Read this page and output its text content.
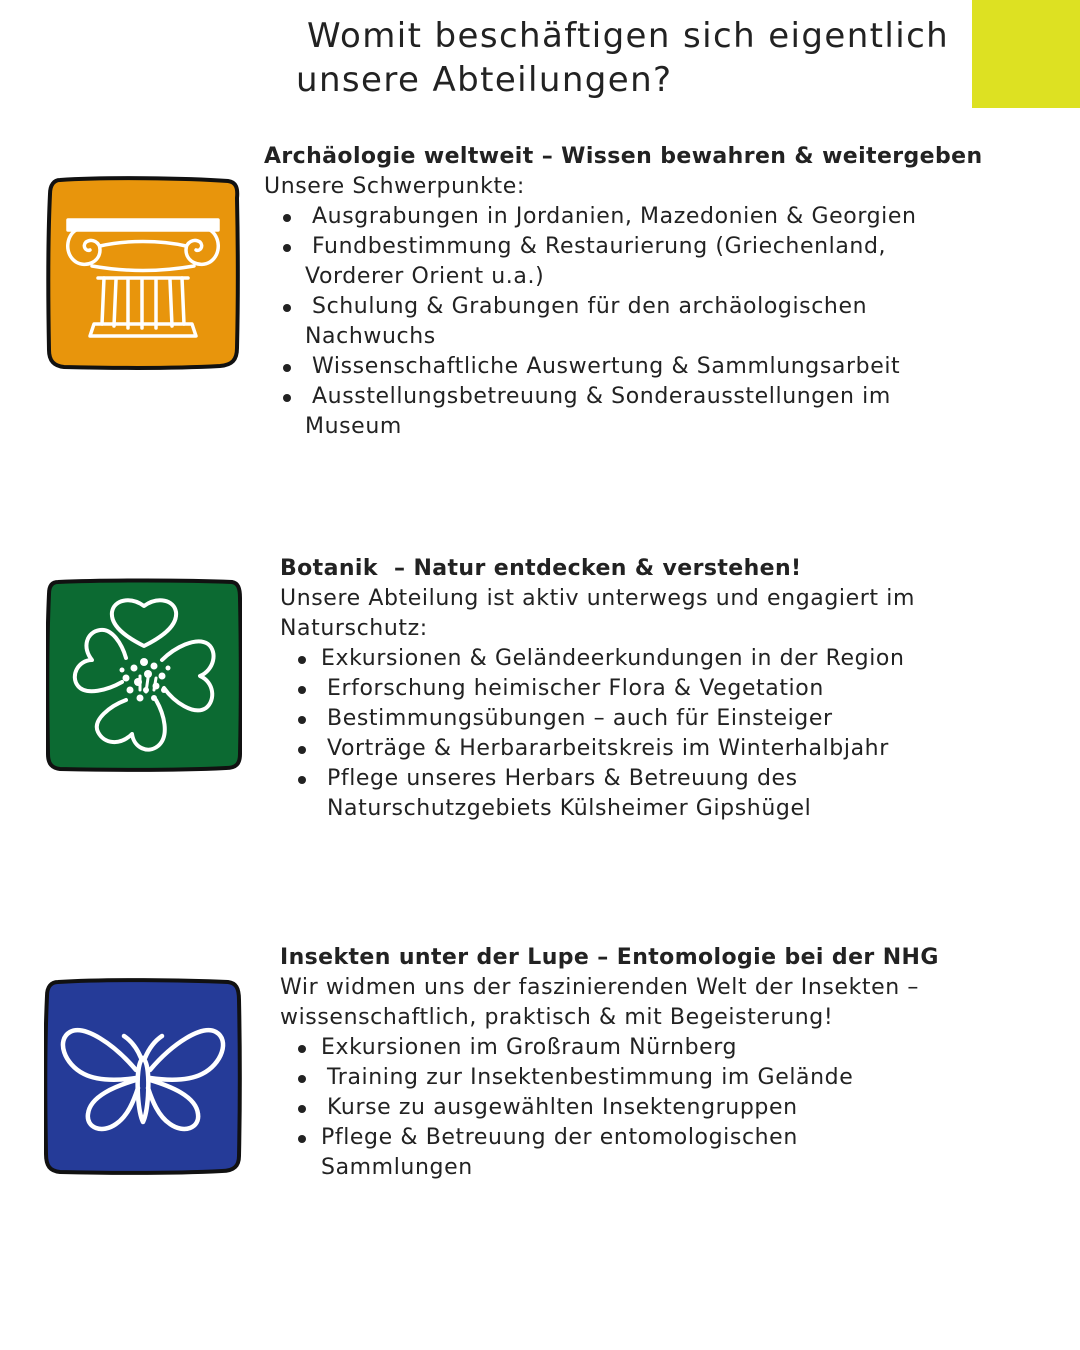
Womit beschäftigen sich eigentlich
unsere Abteilungen?

Archäologie weltweit – Wissen bewahren & weitergeben

Unsere Schwerpunkte:

Ausgrabungen in Jordanien, Mazedonien & Georgien
Fundbestimmung & Restaurierung (Griechenland, Vorderer Orient u.a.)
Schulung & Grabungen für den archäologischen Nachwuchs
Wissenschaftliche Auswertung & Sammlungsarbeit
Ausstellungsbetreuung & Sonderausstellungen im Museum

Botanik  – Natur entdecken & verstehen!

Unsere Abteilung ist aktiv unterwegs und engagiert im Naturschutz:

Exkursionen & Geländeerkundungen in der Region
Erforschung heimischer Flora & Vegetation
Bestimmungsübungen – auch für Einsteiger
Vorträge & Herbararbeitskreis im Winterhalbjahr
Pflege unseres Herbars & Betreuung des Naturschutzgebiets Külsheimer Gipshügel

Insekten unter der Lupe – Entomologie bei der NHG

Wir widmen uns der faszinierenden Welt der Insekten – wissenschaftlich, praktisch & mit Begeisterung!

Exkursionen im Großraum Nürnberg
Training zur Insektenbestimmung im Gelände
Kurse zu ausgewählten Insektengruppen
Pflege & Betreuung der entomologischen Sammlungen
